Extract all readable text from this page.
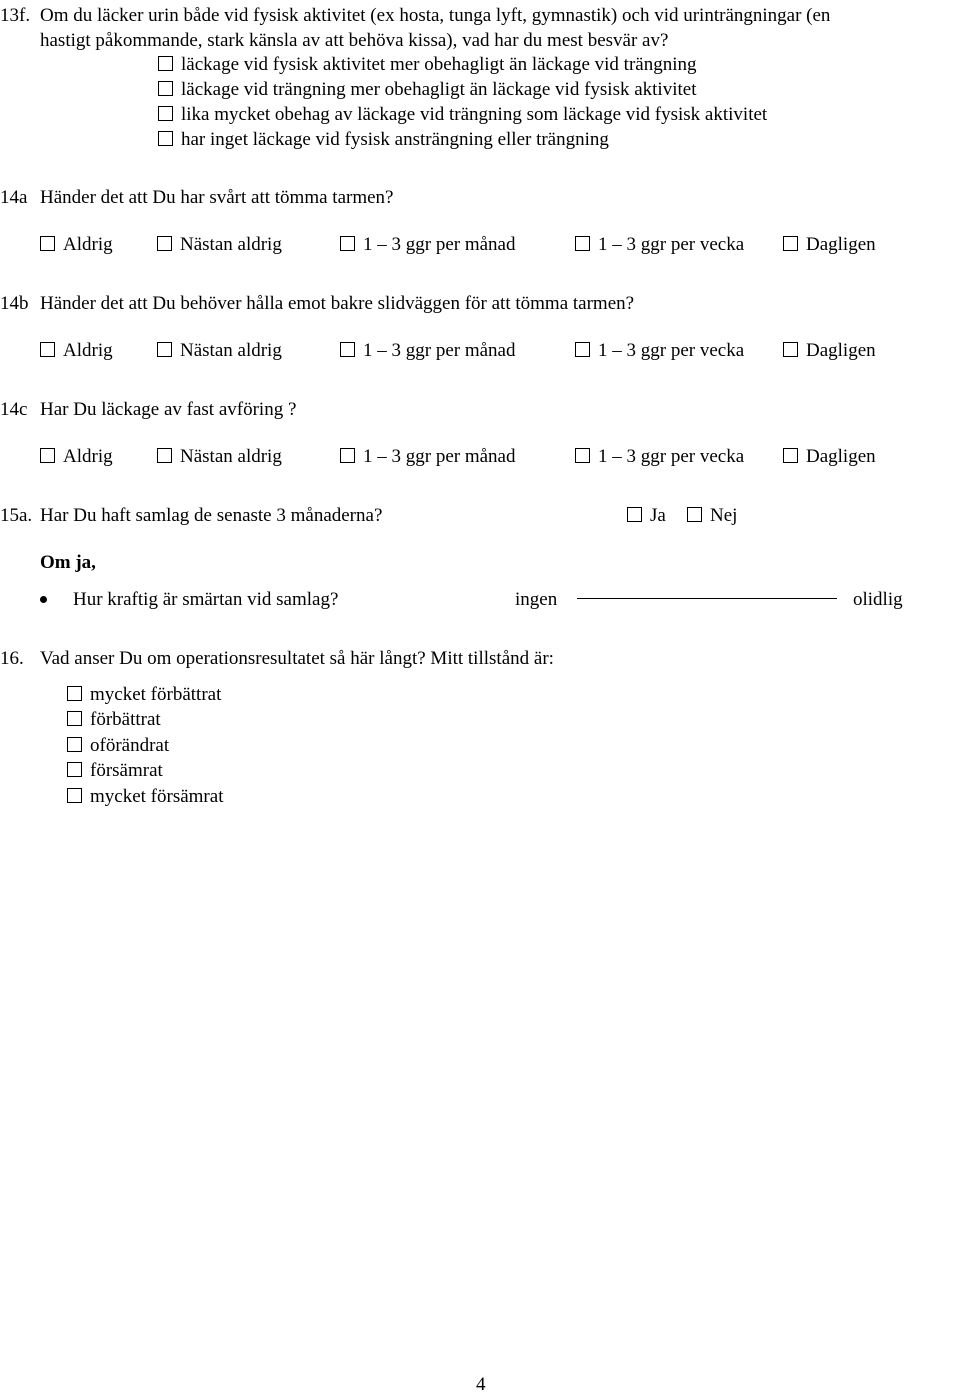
13f. Om du läcker urin både vid fysisk aktivitet (ex hosta, tunga lyft, gymnastik) och vid urinträngningar (en
hastigt påkommande, stark känsla av att behöva kissa), vad har du mest besvär av?
läckage vid fysisk aktivitet mer obehagligt än läckage vid trängning
läckage vid trängning mer obehagligt än läckage vid fysisk aktivitet
lika mycket obehag av läckage vid trängning som läckage vid fysisk aktivitet
har inget läckage vid fysisk ansträngning eller trängning
14a Händer det att Du har svårt att tömma tarmen?
Aldrig	Nästan aldrig	1 – 3 ggr per månad	1 – 3 ggr per vecka	Dagligen
14b Händer det att Du behöver hålla emot bakre slidväggen för att tömma tarmen?
Aldrig	Nästan aldrig	1 – 3 ggr per månad	1 – 3 ggr per vecka	Dagligen
14c Har Du läckage av fast avföring ?
Aldrig	Nästan aldrig	1 – 3 ggr per månad	1 – 3 ggr per vecka	Dagligen
15a. Har Du haft samlag de senaste 3 månaderna?	Ja	Nej
Om ja,
Hur kraftig är smärtan vid samlag?	ingen	olidlig
16. Vad anser Du om operationsresultatet så här långt? Mitt tillstånd är:
mycket förbättrat
förbättrat
oförändrat
försämrat
mycket försämrat
4
